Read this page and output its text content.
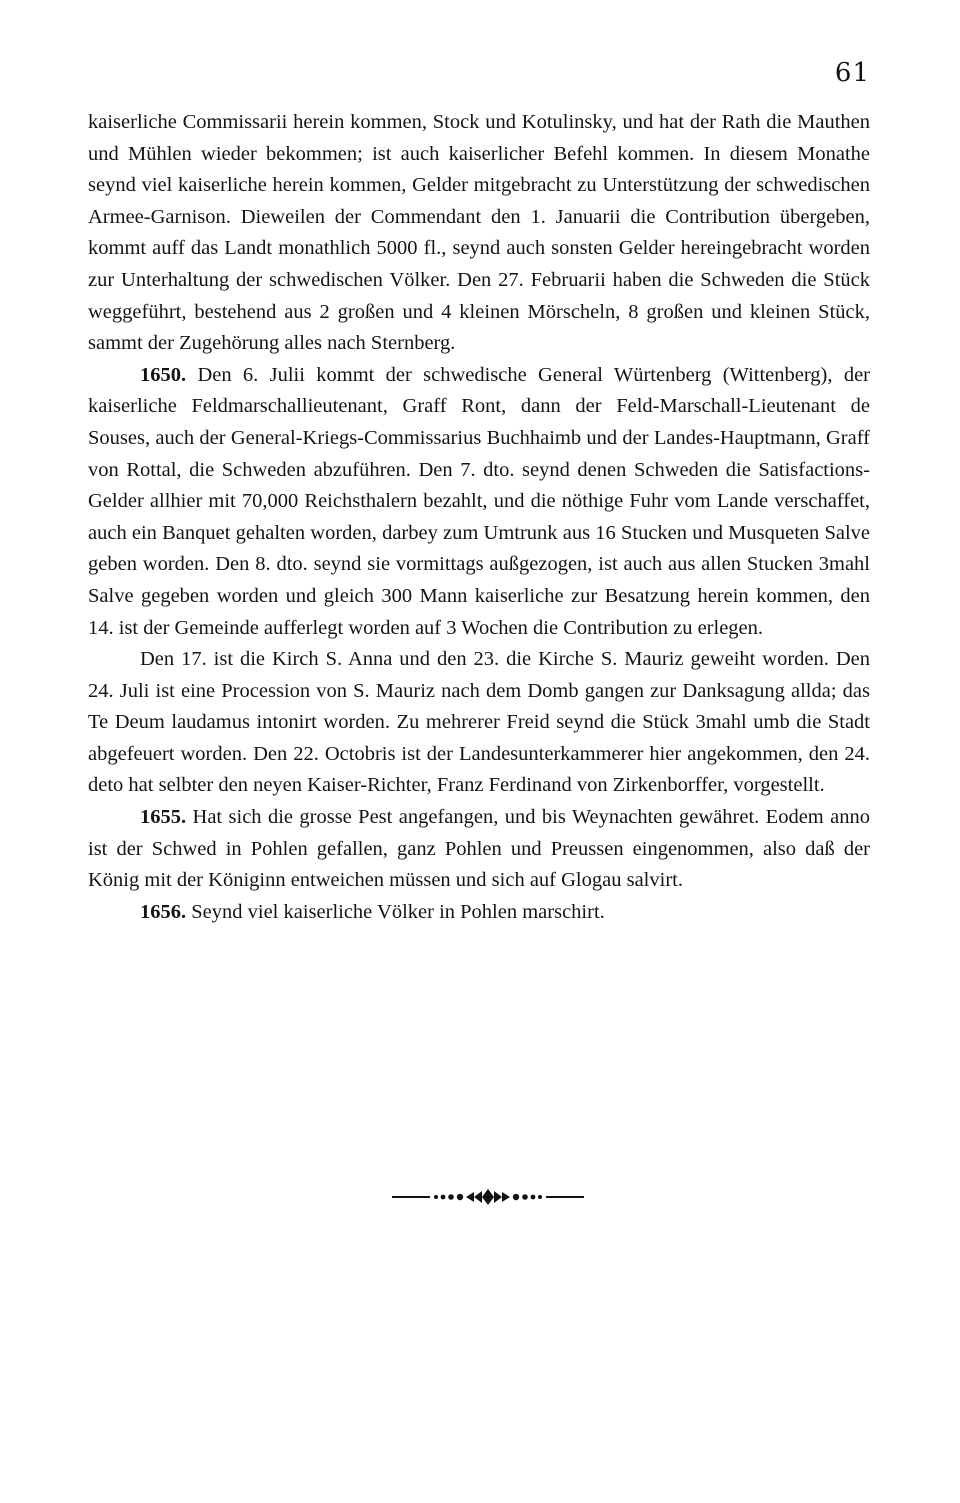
61

kaiserliche Commissarii herein kommen, Stock und Kotulinsky, und hat der Rath die Mauthen und Mühlen wieder bekommen; ist auch kaiserlicher Befehl kommen. In diesem Monathe seynd viel kaiserliche herein kommen, Gelder mitgebracht zu Unterstützung der schwedischen Armee-Garnison. Dieweilen der Commendant den 1. Januarii die Contribution übergeben, kommt auff das Landt monathlich 5000 fl., seynd auch sonsten Gelder hereingebracht worden zur Unterhaltung der schwedischen Völker. Den 27. Februarii haben die Schweden die Stück weggeführt, bestehend aus 2 großen und 4 kleinen Mörscheln, 8 großen und kleinen Stück, sammt der Zugehörung alles nach Sternberg.

1650. Den 6. Julii kommt der schwedische General Würtenberg (Wittenberg), der kaiserliche Feldmarschallieutenant, Graff Ront, dann der Feld-Marschall-Lieutenant de Souses, auch der General-Kriegs-Commissarius Buchhaimb und der Landes-Hauptmann, Graff von Rottal, die Schweden abzuführen. Den 7. dto. seynd denen Schweden die Satisfactions-Gelder allhier mit 70,000 Reichsthalern bezahlt, und die nöthige Fuhr vom Lande verschaffet, auch ein Banquet gehalten worden, darbey zum Umtrunk aus 16 Stucken und Musqueten Salve geben worden. Den 8. dto. seynd sie vormittags außgezogen, ist auch aus allen Stucken 3mahl Salve gegeben worden und gleich 300 Mann kaiserliche zur Besatzung herein kommen, den 14. ist der Gemeinde aufferlegt worden auf 3 Wochen die Contribution zu erlegen.

Den 17. ist die Kirch S. Anna und den 23. die Kirche S. Mauriz geweiht worden. Den 24. Juli ist eine Procession von S. Mauriz nach dem Domb gangen zur Danksagung allda; das Te Deum laudamus intonirt worden. Zu mehrerer Freid seynd die Stück 3mahl umb die Stadt abgefeuert worden. Den 22. Octobris ist der Landesunterkammerer hier angekommen, den 24. deto hat selbter den neyen Kaiser-Richter, Franz Ferdinand von Zirkenborffer, vorgestellt.

1655. Hat sich die grosse Pest angefangen, und bis Weynachten gewähret. Eodem anno ist der Schwed in Pohlen gefallen, ganz Pohlen und Preussen eingenommen, also daß der König mit der Königinn entweichen müssen und sich auf Glogau salvirt.

1656. Seynd viel kaiserliche Völker in Pohlen marschirt.
